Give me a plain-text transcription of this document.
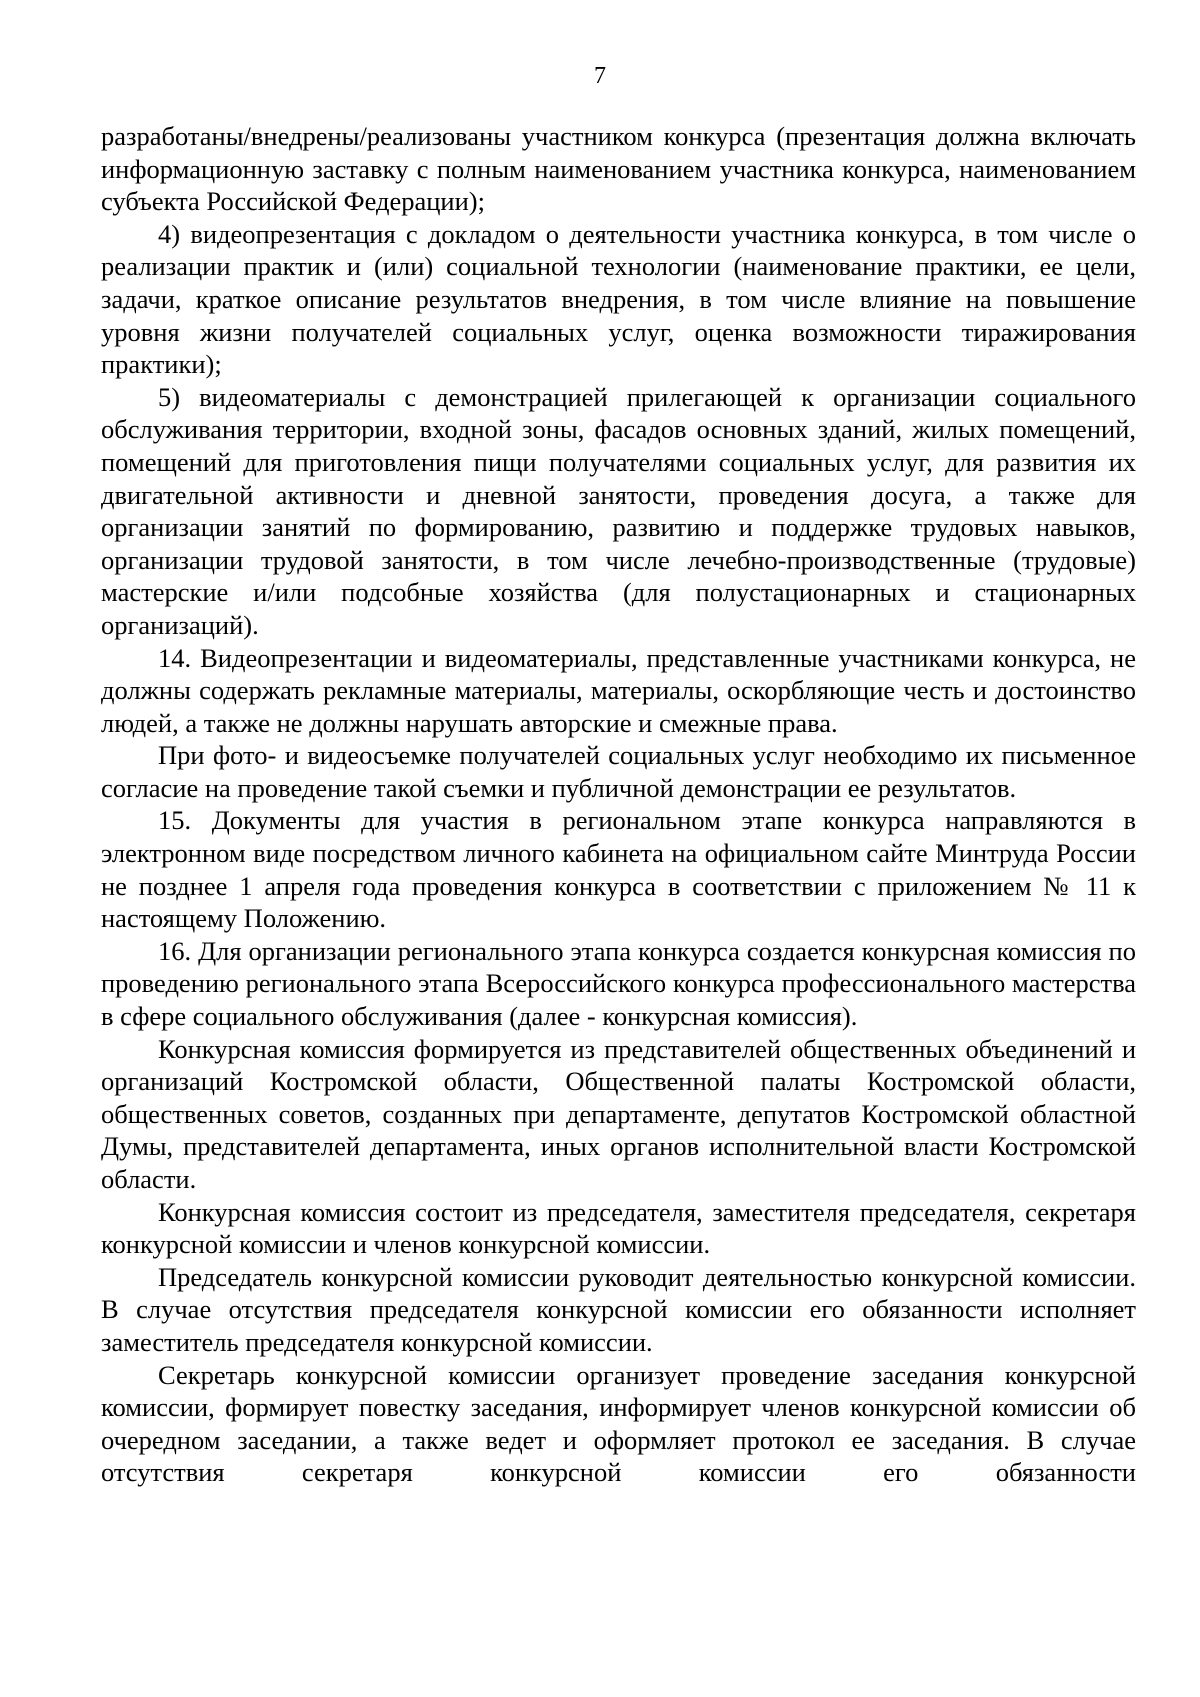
7

разработаны/внедрены/реализованы участником конкурса (презентация должна включать информационную заставку с полным наименованием участника конкурса, наименованием субъекта Российской Федерации);

4) видеопрезентация с докладом о деятельности участника конкурса, в том числе о реализации практик и (или) социальной технологии (наименование практики, ее цели, задачи, краткое описание результатов внедрения, в том числе влияние на повышение уровня жизни получателей социальных услуг, оценка возможности тиражирования практики);

5) видеоматериалы с демонстрацией прилегающей к организации социального обслуживания территории, входной зоны, фасадов основных зданий, жилых помещений, помещений для приготовления пищи получателями социальных услуг, для развития их двигательной активности и дневной занятости, проведения досуга, а также для организации занятий по формированию, развитию и поддержке трудовых навыков, организации трудовой занятости, в том числе лечебно-производственные (трудовые) мастерские и/или подсобные хозяйства (для полустационарных и стационарных организаций).

14. Видеопрезентации и видеоматериалы, представленные участниками конкурса, не должны содержать рекламные материалы, материалы, оскорбляющие честь и достоинство людей, а также не должны нарушать авторские и смежные права.

При фото- и видеосъемке получателей социальных услуг необходимо их письменное согласие на проведение такой съемки и публичной демонстрации ее результатов.

15. Документы для участия в региональном этапе конкурса направляются в электронном виде посредством личного кабинета на официальном сайте Минтруда России не позднее 1 апреля года проведения конкурса в соответствии с приложением № 11 к настоящему Положению.

16. Для организации регионального этапа конкурса создается конкурсная комиссия по проведению регионального этапа Всероссийского конкурса профессионального мастерства в сфере социального обслуживания (далее - конкурсная комиссия).

Конкурсная комиссия формируется из представителей общественных объединений и организаций Костромской области, Общественной палаты Костромской области, общественных советов, созданных при департаменте, депутатов Костромской областной Думы, представителей департамента, иных органов исполнительной власти Костромской области.

Конкурсная комиссия состоит из председателя, заместителя председателя, секретаря конкурсной комиссии и членов конкурсной комиссии.

Председатель конкурсной комиссии руководит деятельностью конкурсной комиссии. В случае отсутствия председателя конкурсной комиссии его обязанности исполняет заместитель председателя конкурсной комиссии.

Секретарь конкурсной комиссии организует проведение заседания конкурсной комиссии, формирует повестку заседания, информирует членов конкурсной комиссии об очередном заседании, а также ведет и оформляет протокол ее заседания. В случае отсутствия секретаря конкурсной комиссии его обязанности
